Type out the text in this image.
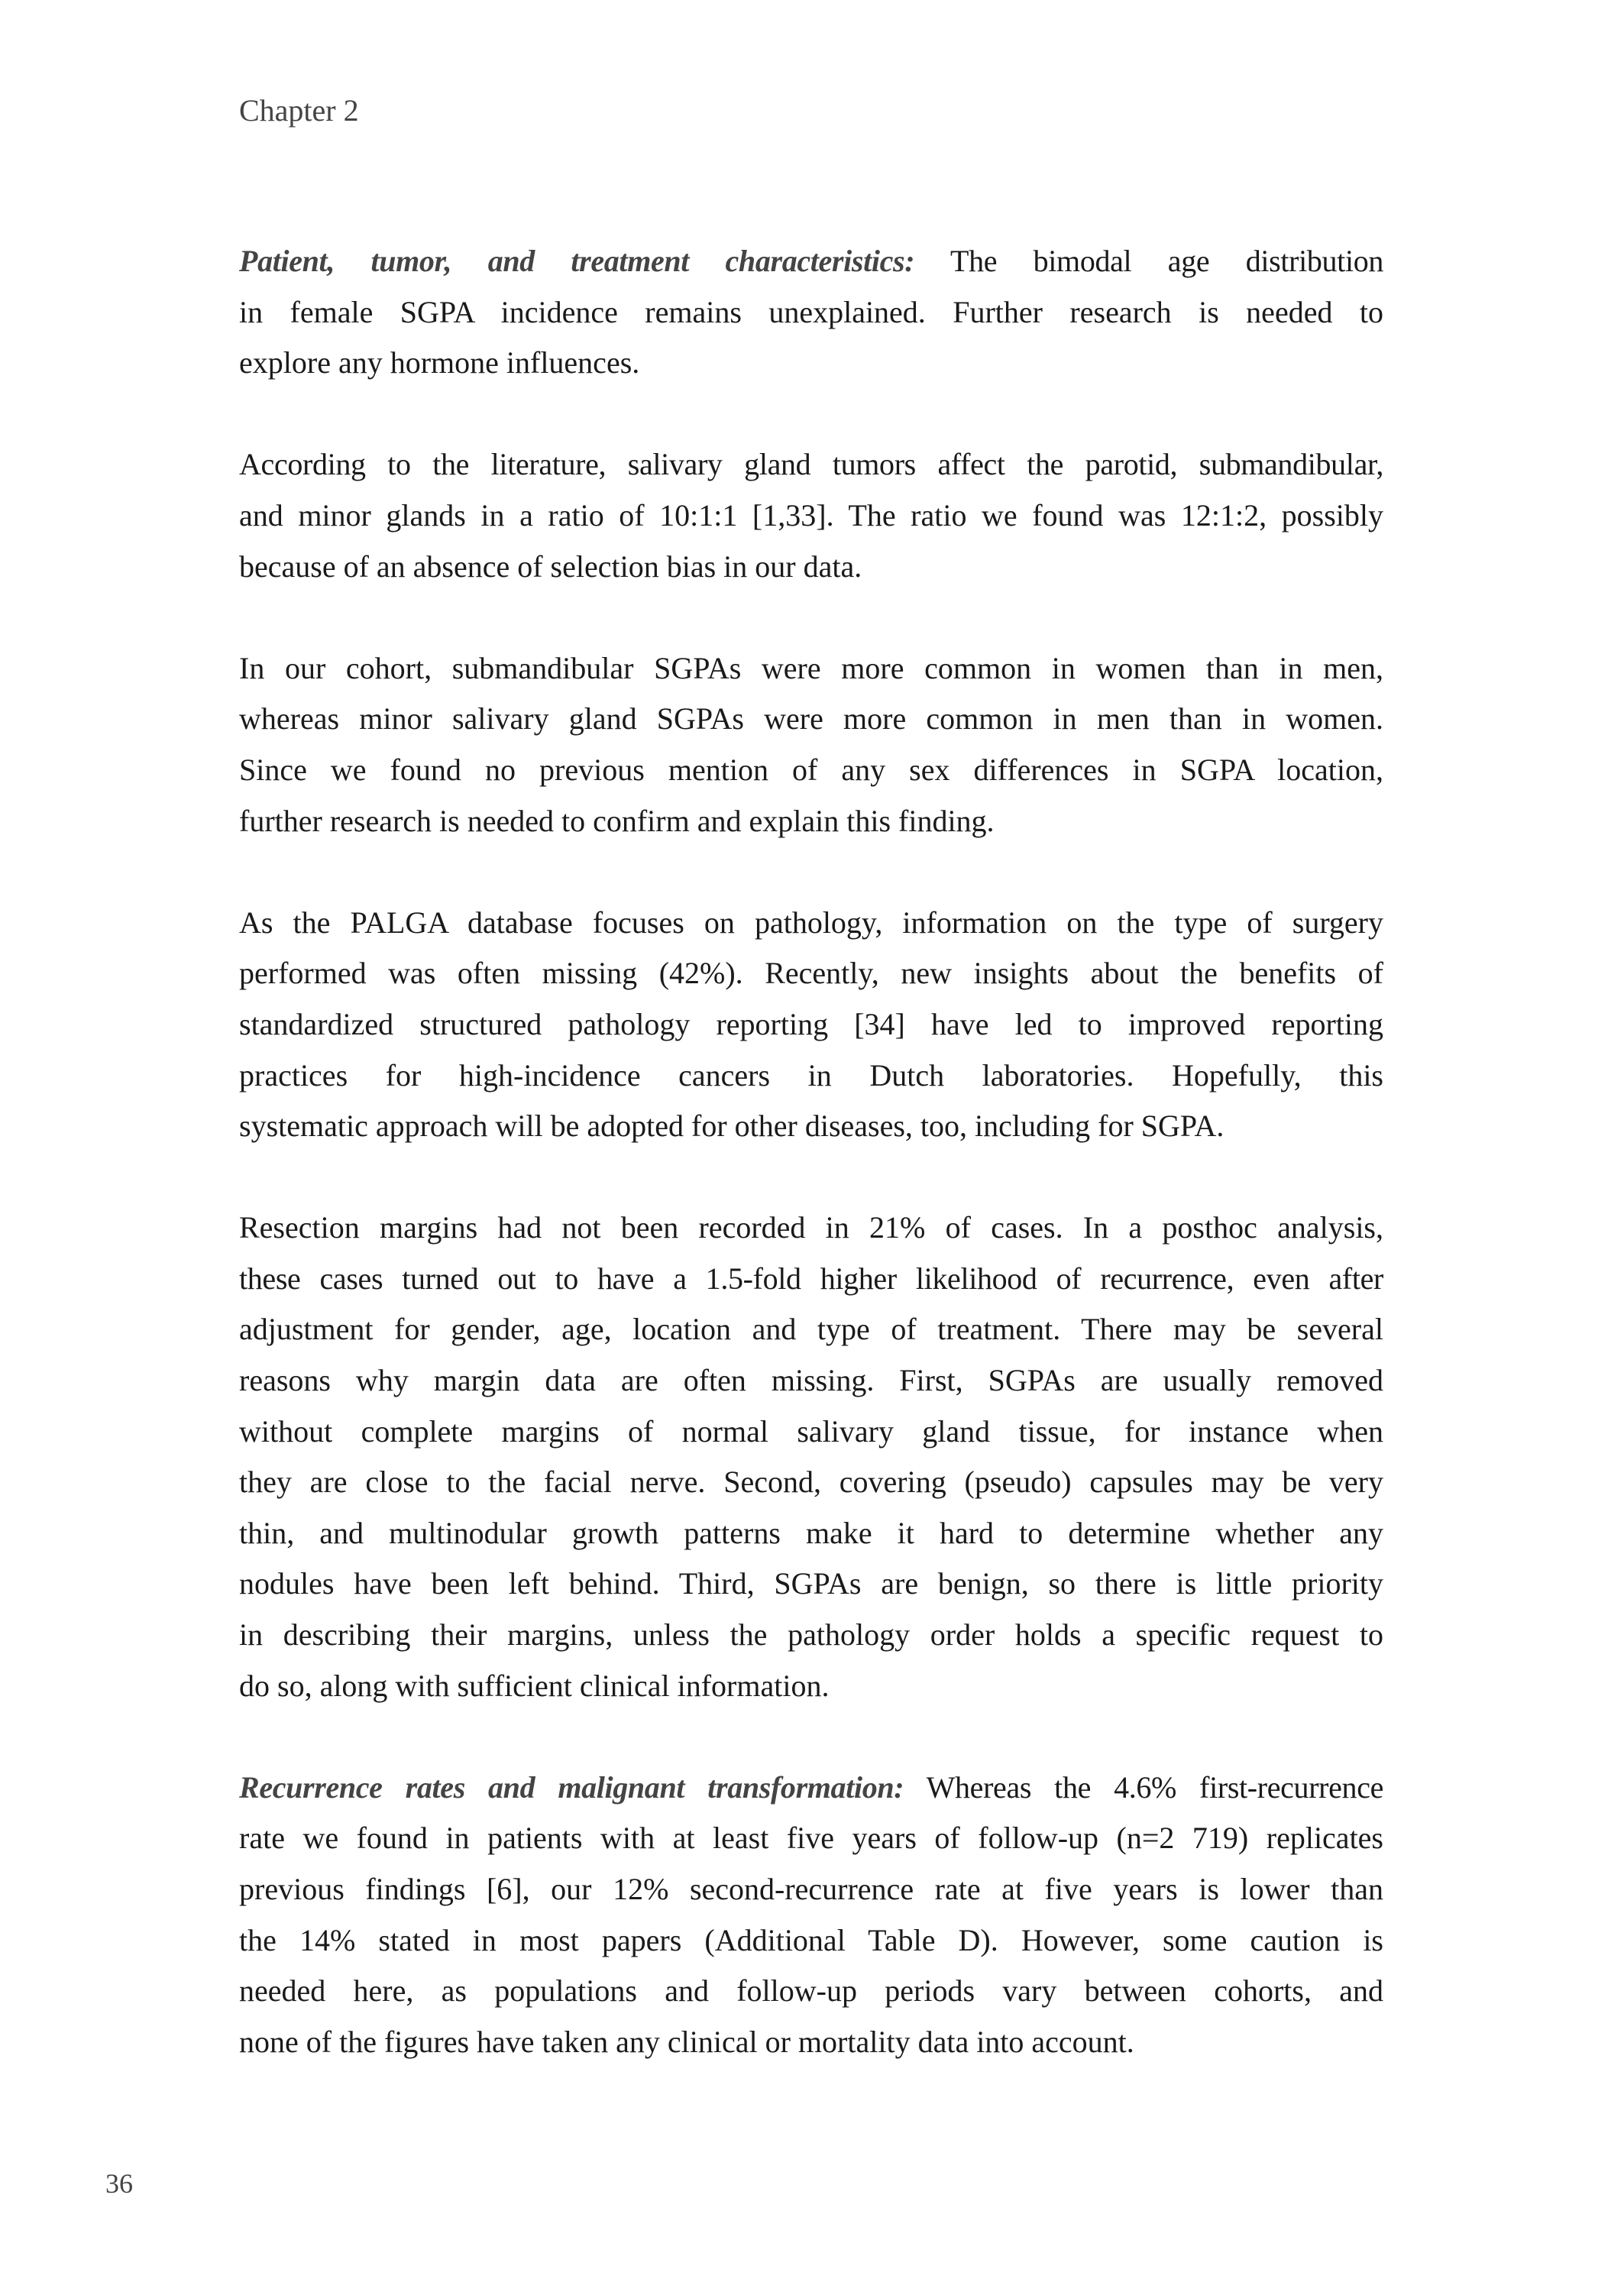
Chapter 2

Patient, tumor, and treatment characteristics: The bimodal age distribution
in female SGPA incidence remains unexplained. Further research is needed to
explore any hormone influences.

According to the literature, salivary gland tumors affect the parotid, submandibular,
and minor glands in a ratio of 10:1:1 [1,33]. The ratio we found was 12:1:2, possibly
because of an absence of selection bias in our data.

In our cohort, submandibular SGPAs were more common in women than in men,
whereas minor salivary gland SGPAs were more common in men than in women.
Since we found no previous mention of any sex differences in SGPA location,
further research is needed to confirm and explain this finding.

As the PALGA database focuses on pathology, information on the type of surgery
performed was often missing (42%). Recently, new insights about the benefits of
standardized structured pathology reporting [34] have led to improved reporting
practices for high-incidence cancers in Dutch laboratories. Hopefully, this
systematic approach will be adopted for other diseases, too, including for SGPA.

Resection margins had not been recorded in 21% of cases. In a posthoc analysis,
these cases turned out to have a 1.5-fold higher likelihood of recurrence, even after
adjustment for gender, age, location and type of treatment. There may be several
reasons why margin data are often missing. First, SGPAs are usually removed
without complete margins of normal salivary gland tissue, for instance when
they are close to the facial nerve. Second, covering (pseudo) capsules may be very
thin, and multinodular growth patterns make it hard to determine whether any
nodules have been left behind. Third, SGPAs are benign, so there is little priority
in describing their margins, unless the pathology order holds a specific request to
do so, along with sufficient clinical information.

Recurrence rates and malignant transformation: Whereas the 4.6% first-recurrence
rate we found in patients with at least five years of follow-up (n=2 719) replicates
previous findings [6], our 12% second-recurrence rate at five years is lower than
the 14% stated in most papers (Additional Table D). However, some caution is
needed here, as populations and follow-up periods vary between cohorts, and
none of the figures have taken any clinical or mortality data into account.

36
